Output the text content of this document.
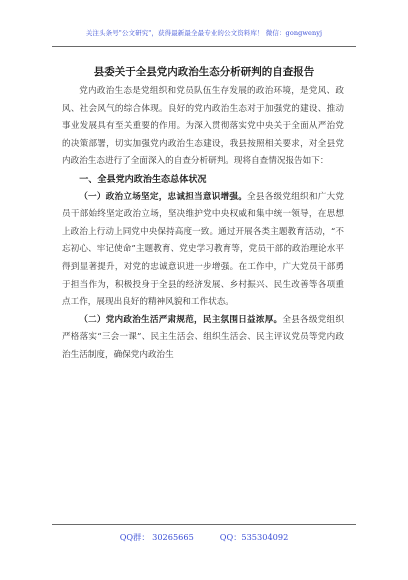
关注头条号"公文研究"，获得最新最全最专业的公文资料库！ 微信：gongwenyj
县委关于全县党内政治生态分析研判的自查报告

党内政治生态是党组织和党员队伍生存发展的政治环境，是党风、政风、社会风气的综合体现。良好的党内政治生态对于加强党的建设、推动事业发展具有至关重要的作用。为深入贯彻落实党中央关于全面从严治党的决策部署，切实加强党内政治生态建设，我县按照相关要求，对全县党内政治生态进行了全面深入的自查分析研判。现将自查情况报告如下：

一、全县党内政治生态总体状况

（一）政治立场坚定，忠诚担当意识增强。全县各级党组织和广大党员干部始终坚定政治立场，坚决维护党中央权威和集中统一领导，在思想上政治上行动上同党中央保持高度一致。通过开展各类主题教育活动，“不忘初心、牢记使命”主题教育、党史学习教育等，党员干部的政治理论水平得到显著提升，对党的忠诚意识进一步增强。在工作中，广大党员干部勇于担当作为，积极投身于全县的经济发展、乡村振兴、民生改善等各项重点工作，展现出良好的精神风貌和工作状态。

（二）党内政治生活严肃规范，民主氛围日益浓厚。全县各级党组织严格落实“三会一课”、民主生活会、组织生活会、民主评议党员等党内政治生活制度，确保党内政治生

QQ群： 30265665	QQ：535304092
